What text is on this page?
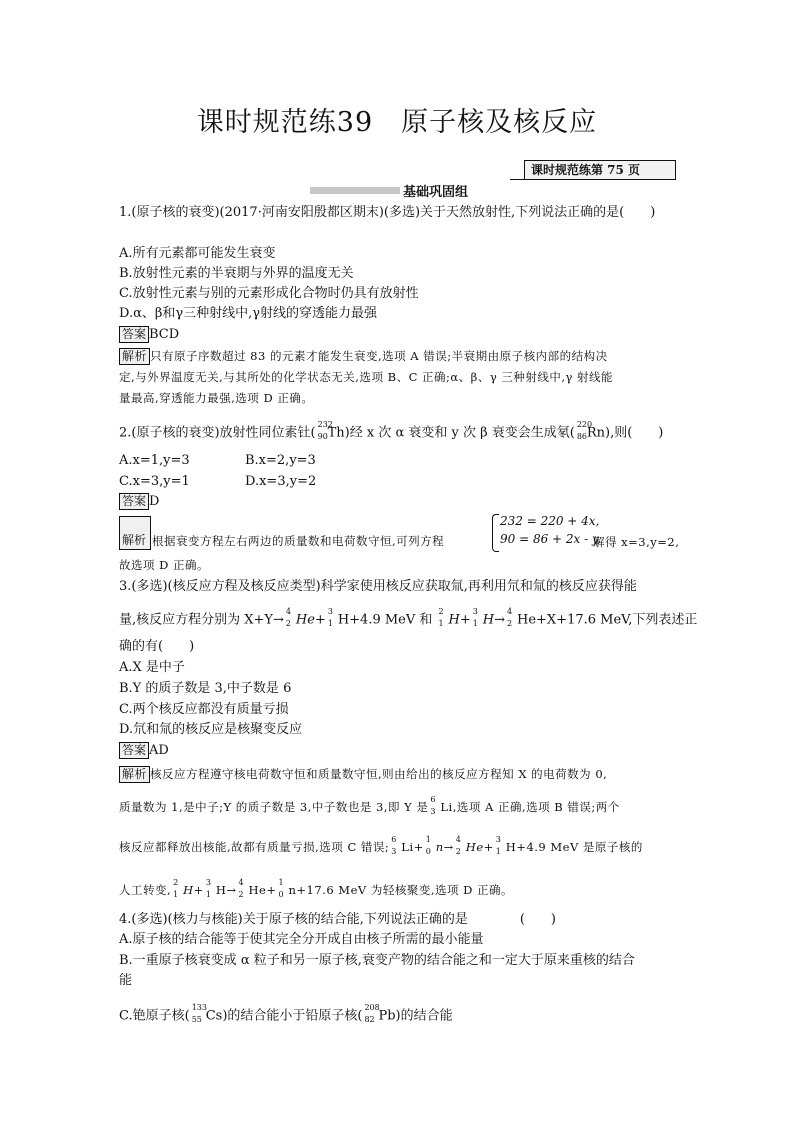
课时规范练39　原子核及核反应
课时规范练第 75 页
基础巩固组
1.(原子核的衰变)(2017·河南安阳殷都区期末)(多选)关于天然放射性,下列说法正确的是(　　)
A.所有元素都可能发生衰变
B.放射性元素的半衰期与外界的温度无关
C.放射性元素与别的元素形成化合物时仍具有放射性
D.α、β和γ三种射线中,γ射线的穿透能力最强
答案 BCD
解析 只有原子序数超过 83 的元素才能发生衰变,选项 A 错误;半衰期由原子核内部的结构决
定,与外界温度无关,与其所处的化学状态无关,选项 B、C 正确;α、β、γ 三种射线中,γ 射线能
量最高,穿透能力最强,选项 D 正确。
2.(原子核的衰变)放射性同位素钍(
232
90 Th)经 x 次 α 衰变和 y 次 β 衰变会生成氡(
220
86 Rn),则(　　)
A.x=1,y=3	B.x=2,y=3
C.x=3,y=1	D.x=3,y=2
答案 D
解析 根据衰变方程左右两边的质量数和电荷数守恒,可列方程
232 = 220 + 4x,
90 = 86 + 2x - y,
解得 x=3,y=2,
故选项 D 正确。
3.(多选)(核反应方程及核反应类型)科学家使用核反应获取氚,再利用氘和氚的核反应获得能
量,核反应方程分别为 X+Y→
4
2 He+
3
1 H+4.9 MeV 和
2
1 H+
3
1 H→
4
2 He+X+17.6 MeV,下列表述正
确的有(　　)
A.X 是中子
B.Y 的质子数是 3,中子数是 6
C.两个核反应都没有质量亏损
D.氘和氚的核反应是核聚变反应
答案 AD
解析 核反应方程遵守核电荷数守恒和质量数守恒,则由给出的核反应方程知 X 的电荷数为 0,
质量数为 1,是中子;Y 的质子数是 3,中子数也是 3,即 Y 是
6
3 Li,选项 A 正确,选项 B 错误;两个
核反应都释放出核能,故都有质量亏损,选项 C 错误;
6
3 Li+
1
0 n→
4
2 He+
3
1 H+4.9 MeV 是原子核的
人工转变,
2
1 H+
3
1 H→
4
2 He+
1
0 n+17.6 MeV 为轻核聚变,选项 D 正确。
4.(多选)(核力与核能)关于原子核的结合能,下列说法正确的是　　　　(　　)
A.原子核的结合能等于使其完全分开成自由核子所需的最小能量
B.一重原子核衰变成 α 粒子和另一原子核,衰变产物的结合能之和一定大于原来重核的结合
能
C.铯原子核(
133
55 Cs)的结合能小于铅原子核(
208
82 Pb)的结合能
